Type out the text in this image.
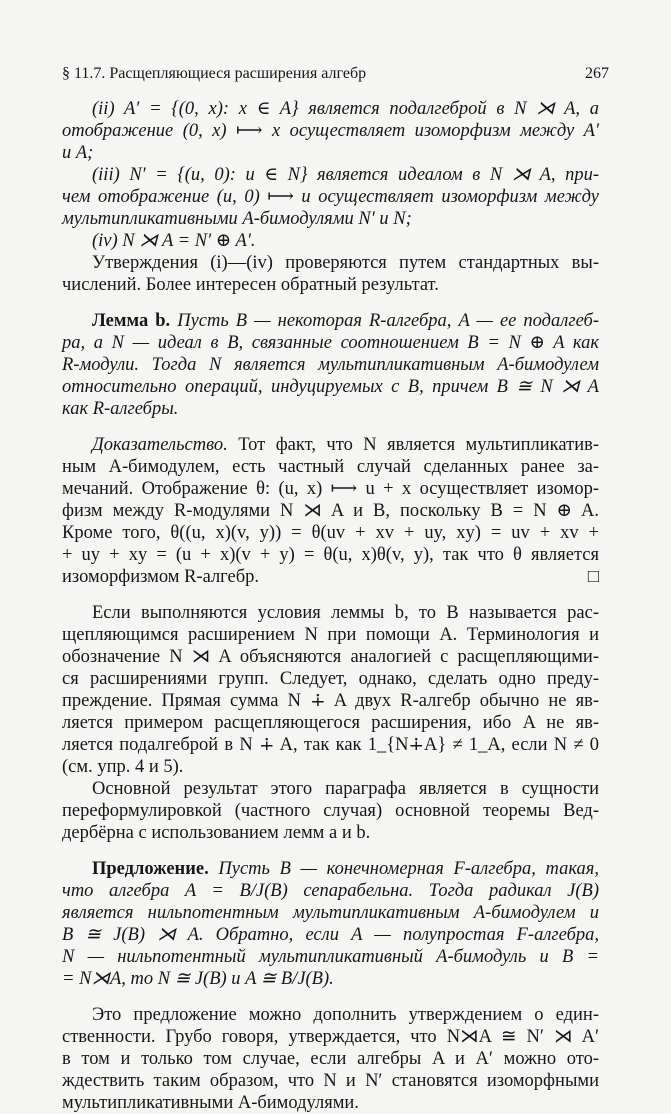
§ 11.7. Расщепляющиеся расширения алгебр	267

(ii) A′ = {(0, x): x ∈ A} является подалгеброй в N ⋊ A, а

отображение (0, x) ⟼ x осуществляет изоморфизм между A′

и A;

(iii) N′ = {(u, 0): u ∈ N} является идеалом в N ⋊ A, при-

чем отображение (u, 0) ⟼ u осуществляет изоморфизм между

мультипликативными A-бимодулями N′ и N;

(iv) N ⋊ A = N′ ⊕ A′.

Утверждения (i)—(iv) проверяются путем стандартных вы-

числений. Более интересен обратный результат.

Лемма b. Пусть B — некоторая R-алгебра, A — ее подалгеб-

ра, а N — идеал в B, связанные соотношением B = N ⊕ A как

R-модули. Тогда N является мультипликативным A-бимодулем

относительно операций, индуцируемых с B, причем B ≅ N ⋊ A

как R-алгебры.

Доказательство. Тот факт, что N является мультипликатив-

ным A-бимодулем, есть частный случай сделанных ранее за-

мечаний. Отображение θ: (u, x) ⟼ u + x осуществляет изомор-

физм между R-модулями N ⋊ A и B, поскольку B = N ⊕ A.

Кроме того, θ((u, x)(v, y)) = θ(uv + xv + uy, xy) = uv + xv +

+ uy + xy = (u + x)(v + y) = θ(u, x)θ(v, y), так что θ является

изоморфизмом R-алгебр.	□

Если выполняются условия леммы b, то B называется рас-

щепляющимся расширением N при помощи A. Терминология и

обозначение N ⋊ A объясняются аналогией с расщепляющими-

ся расширениями групп. Следует, однако, сделать одно преду-

преждение. Прямая сумма N ∔ A двух R-алгебр обычно не яв-

ляется примером расщепляющегося расширения, ибо A не яв-

ляется подалгеброй в N ∔ A, так как 1_{N∔A} ≠ 1_A, если N ≠ 0

(см. упр. 4 и 5).

Основной результат этого параграфа является в сущности

переформулировкой (частного случая) основной теоремы Вед-

дербёрна с использованием лемм a и b.

Предложение. Пусть B — конечномерная F-алгебра, такая,

что алгебра A = B/J(B) сепарабельна. Тогда радикал J(B)

является нильпотентным мультипликативным A-бимодулем и

B ≅ J(B) ⋊ A. Обратно, если A — полупростая F-алгебра,

N — нильпотентный мультипликативный A-бимодуль и B =

= N⋊A, то N ≅ J(B) и A ≅ B/J(B).

Это предложение можно дополнить утверждением о един-

ственности. Грубо говоря, утверждается, что N⋊A ≅ N′ ⋊ A′

в том и только том случае, если алгебры A и A′ можно ото-

ждествить таким образом, что N и N′ становятся изоморфными

мультипликативными A-бимодулями.
